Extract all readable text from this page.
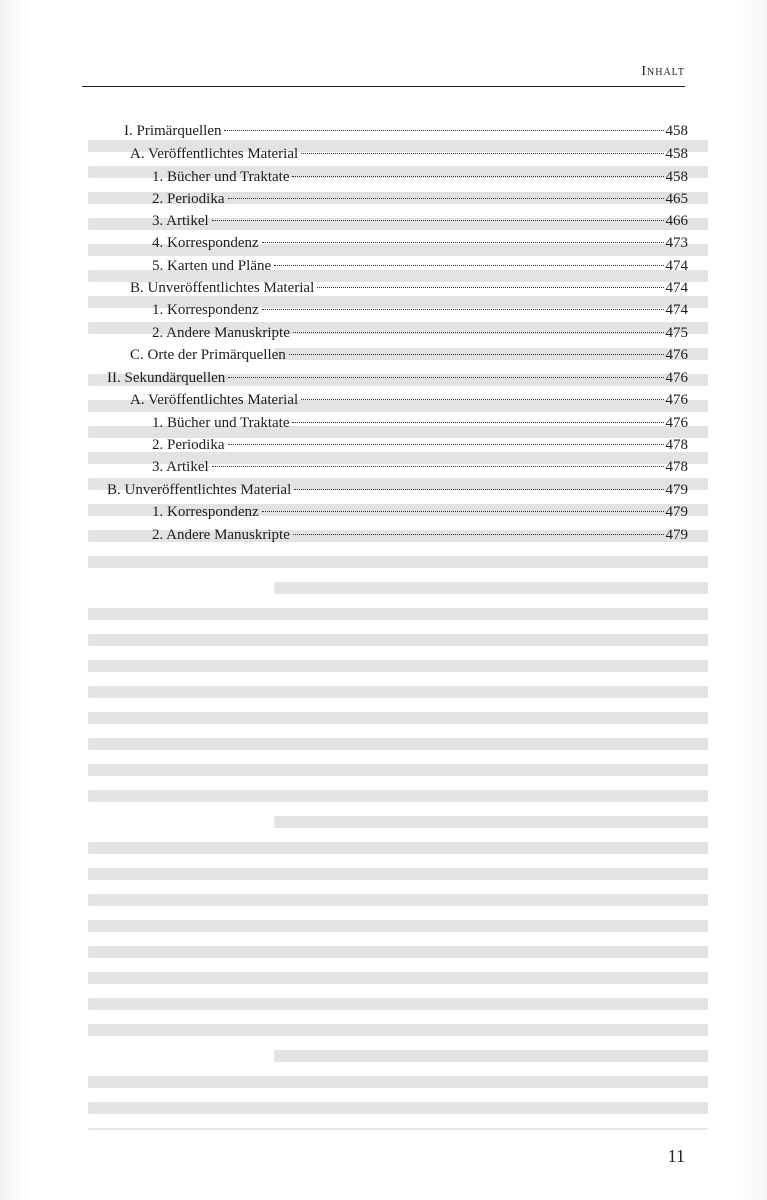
Inhalt
I. Primärquellen	458
A. Veröffentlichtes Material	458
1. Bücher und Traktate	458
2. Periodika	465
3. Artikel	466
4. Korrespondenz	473
5. Karten und Pläne	474
B. Unveröffentlichtes Material	474
1. Korrespondenz	474
2. Andere Manuskripte	475
C. Orte der Primärquellen	476
II. Sekundärquellen	476
A. Veröffentlichtes Material	476
1. Bücher und Traktate	476
2. Periodika	478
3. Artikel	478
B. Unveröffentlichtes Material	479
1. Korrespondenz	479
2. Andere Manuskripte	479
11
